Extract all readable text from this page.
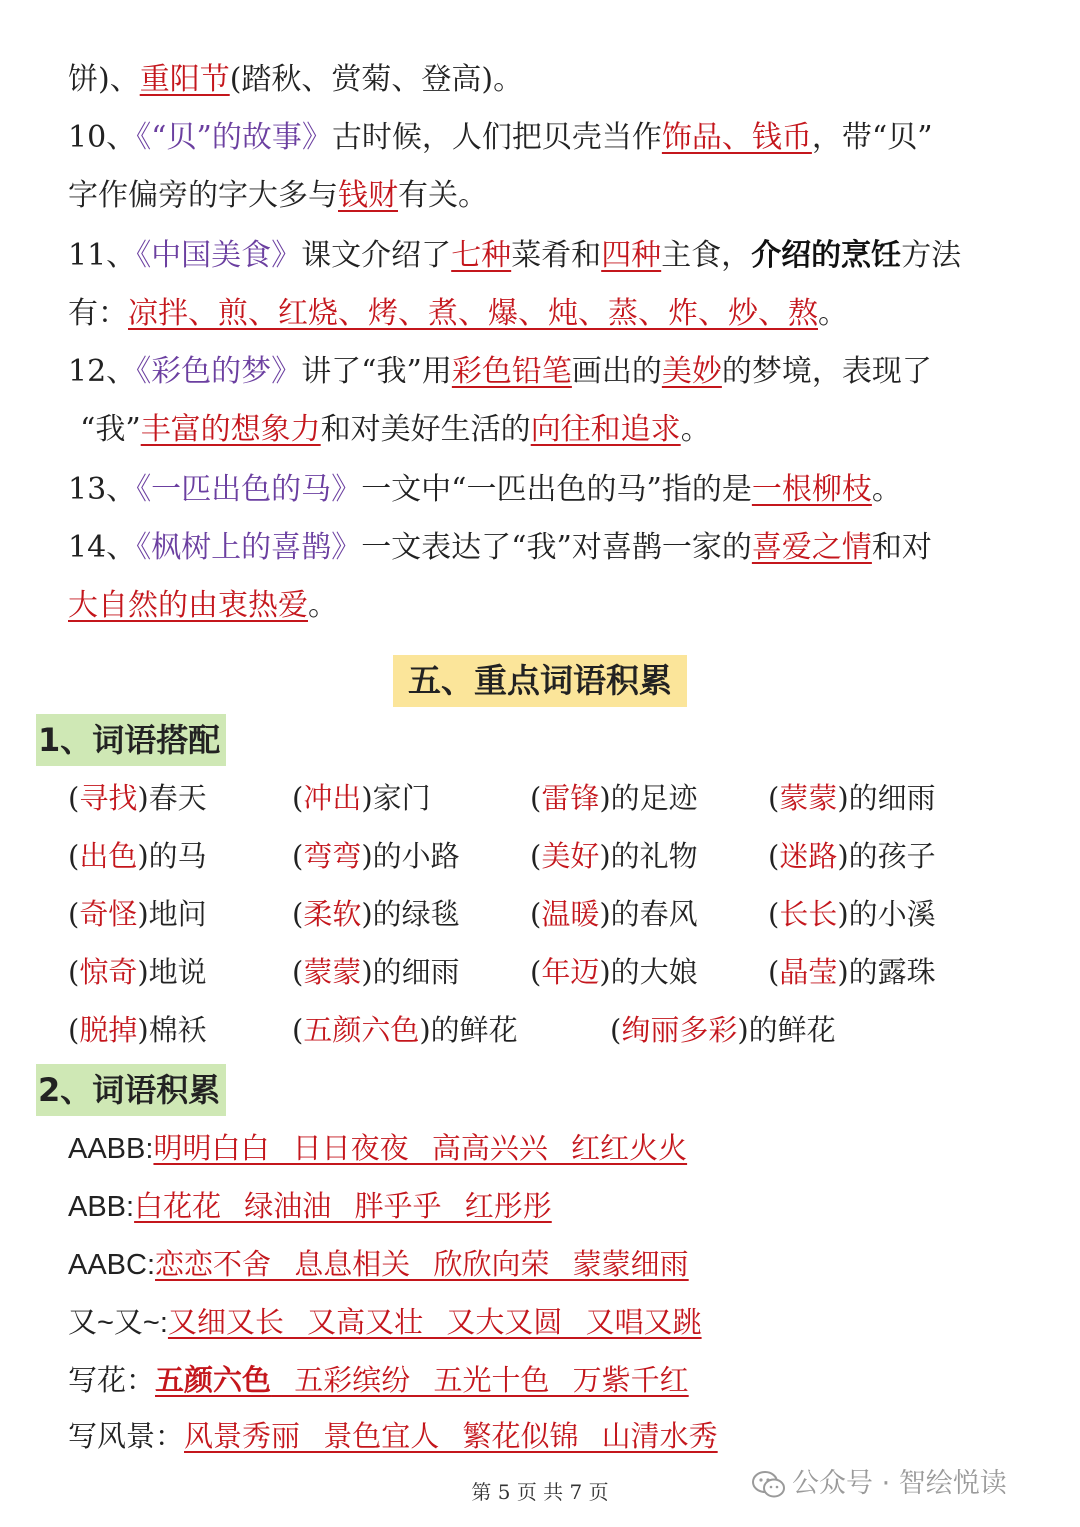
饼)、重阳节(踏秋、赏菊、登高)。
10、《“贝”的故事》古时候，人们把贝壳当作饰品、钱币，带“贝”
字作偏旁的字大多与钱财有关。
11、《中国美食》课文介绍了七种菜肴和四种主食，介绍的烹饪方法
有：凉拌、煎、红烧、烤、煮、爆、炖、蒸、炸、炒、熬。
12、《彩色的梦》讲了“我”用彩色铅笔画出的美妙的梦境，表现了
“我”丰富的想象力和对美好生活的向往和追求。
13、《一匹出色的马》一文中“一匹出色的马”指的是一根柳枝。
14、《枫树上的喜鹊》一文表达了“我”对喜鹊一家的喜爱之情和对
大自然的由衷热爱。
五、重点词语积累
1、词语搭配
(寻找)春天	(冲出)家门	(雷锋)的足迹 (蒙蒙)的细雨
(出色)的马	(弯弯)的小路 (美好)的礼物 (迷路)的孩子
(奇怪)地问	(柔软)的绿毯 (温暖)的春风 (长长)的小溪
(惊奇)地说	(蒙蒙)的细雨 (年迈)的大娘 (晶莹)的露珠
(脱掉)棉袄	(五颜六色)的鲜花	(绚丽多彩)的鲜花
2、词语积累
AABB:明明白白 日日夜夜 高高兴兴 红红火火
ABB:白花花 绿油油 胖乎乎 红彤彤
AABC:恋恋不舍 息息相关 欣欣向荣 蒙蒙细雨
又~又~:又细又长 又高又壮 又大又圆 又唱又跳
写花：五颜六色 五彩缤纷 五光十色 万紫千红
写风景：风景秀丽 景色宜人 繁花似锦 山清水秀
第 5 页 共 7 页	公众号 · 智绘悦读
